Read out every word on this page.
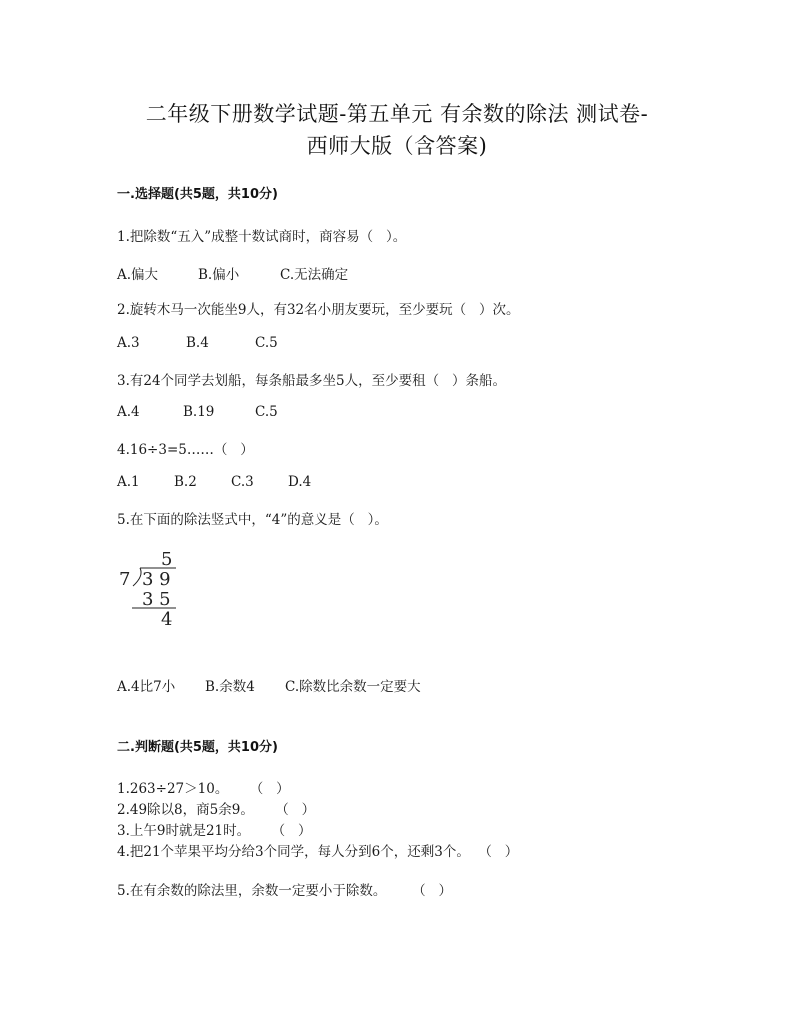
二年级下册数学试题-第五单元 有余数的除法 测试卷-
西师大版（含答案)
一.选择题(共5题，共10分)
1.把除数“五入”成整十数试商时，商容易（   ）。
A.偏大	B.偏小	C.无法确定
2.旋转木马一次能坐9人，有32名小朋友要玩，至少要玩（   ）次。
A.3	B.4	C.5
3.有24个同学去划船，每条船最多坐5人，至少要租（   ）条船。
A.4	B.19	C.5
4.16÷3=5……（   ）
A.1	B.2	C.3	D.4
5.在下面的除法竖式中，“4”的意义是（   ）。
5
7 3 9
3 5
4
A.4比7小 B.余数4 C.除数比余数一定要大
二.判断题(共5题，共10分)
1.263÷27＞10。     （   ）
2.49除以8，商5余9。     （   ）
3.上午9时就是21时。     （   ）
4.把21个苹果平均分给3个同学，每人分到6个，还剩3个。  （   ）
5.在有余数的除法里，余数一定要小于除数。      （   ）
